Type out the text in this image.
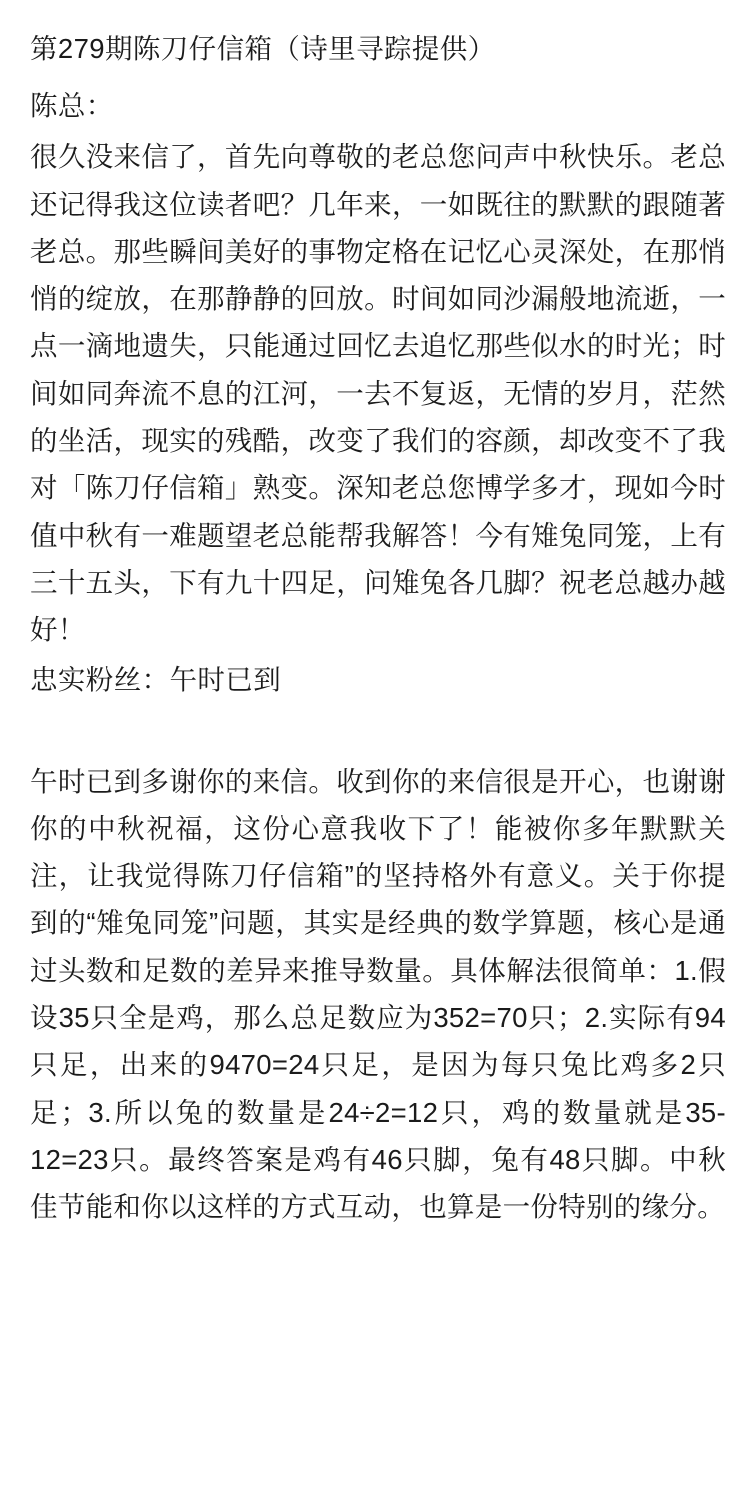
第279期陈刀仔信箱（诗里寻踪提供）

陈总：

很久没来信了，首先向尊敬的老总您问声中秋快乐。老总还记得我这位读者吧？几年来，一如既往的默默的跟随著老总。那些瞬间美好的事物定格在记忆心灵深处，在那悄悄的绽放，在那静静的回放。时间如同沙漏般地流逝，一点一滴地遗失，只能通过回忆去追忆那些似水的时光；时间如同奔流不息的江河，一去不复返，无情的岁月，茫然的坐活，现实的残酷，改变了我们的容颜，却改变不了我对「陈刀仔信箱」熟变。深知老总您博学多才，现如今时值中秋有一难题望老总能帮我解答！今有雉兔同笼，上有三十五头，下有九十四足，问雉兔各几脚？祝老总越办越好！

忠实粉丝：午时已到

午时已到多谢你的来信。收到你的来信很是开心，也谢谢你的中秋祝福，这份心意我收下了！能被你多年默默关注，让我觉得陈刀仔信箱”的坚持格外有意义。关于你提到的“雉兔同笼”问题，其实是经典的数学算题，核心是通过头数和足数的差异来推导数量。具体解法很简单：1.假设35只全是鸡，那么总足数应为352=70只；2.实际有94只足，出来的9470=24只足，是因为每只兔比鸡多2只足；3.所以兔的数量是24÷2=12只，鸡的数量就是35-12=23只。最终答案是鸡有46只脚，兔有48只脚。中秋佳节能和你以这样的方式互动，也算是一份特别的缘分。
